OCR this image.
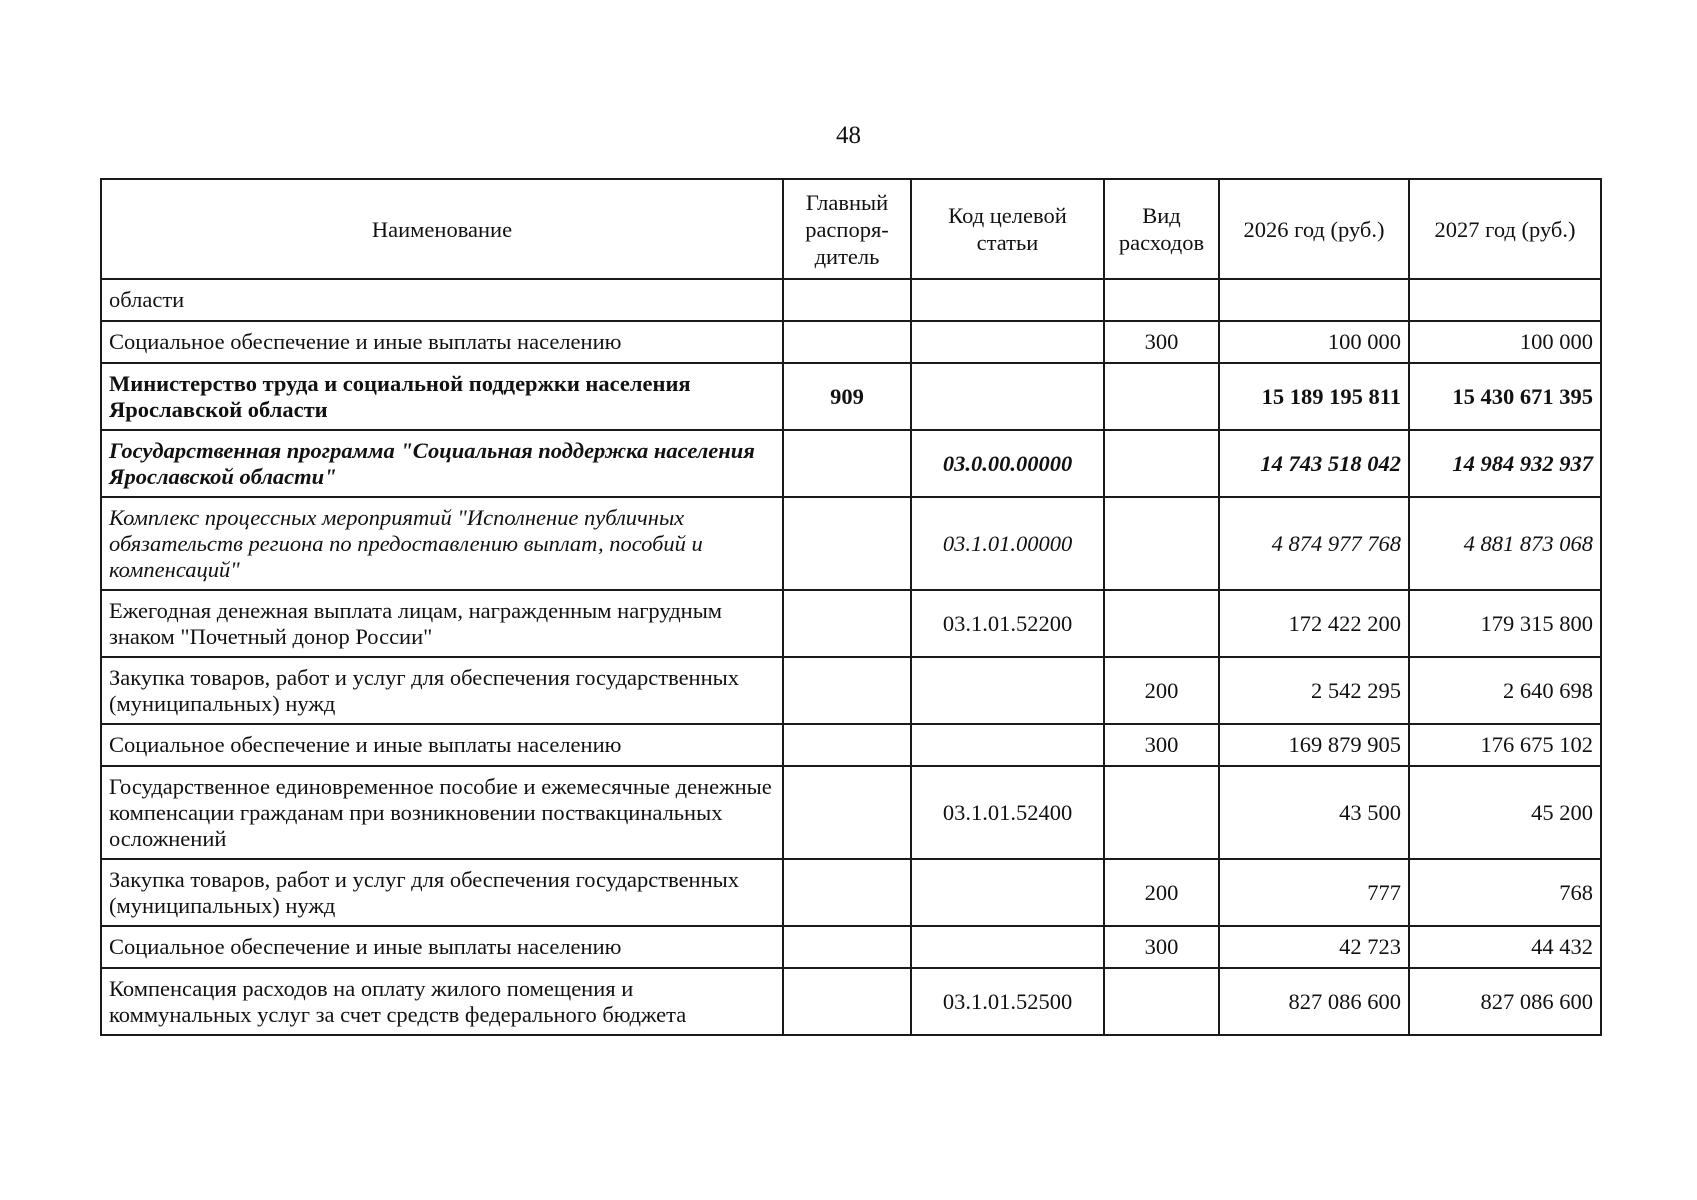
48
Наименование	Главный распоря- дитель	Код целевой статьи	Вид расходов	2026 год (руб.)	2027 год (руб.)
области					
Социальное обеспечение и иные выплаты населению			300	100 000	100 000
Министерство труда и социальной поддержки населения Ярославской области	909			15 189 195 811	15 430 671 395
Государственная программа "Социальная поддержка населения Ярославской области"		03.0.00.00000		14 743 518 042	14 984 932 937
Комплекс процессных мероприятий "Исполнение публичных обязательств региона по предоставлению выплат, пособий и компенсаций"		03.1.01.00000		4 874 977 768	4 881 873 068
Ежегодная денежная выплата лицам, награжденным нагрудным знаком "Почетный донор России"		03.1.01.52200		172 422 200	179 315 800
Закупка товаров, работ и услуг для обеспечения государственных (муниципальных) нужд			200	2 542 295	2 640 698
Социальное обеспечение и иные выплаты населению			300	169 879 905	176 675 102
Государственное единовременное пособие и ежемесячные денежные компенсации гражданам при возникновении поствакцинальных осложнений		03.1.01.52400		43 500	45 200
Закупка товаров, работ и услуг для обеспечения государственных (муниципальных) нужд			200	777	768
Социальное обеспечение и иные выплаты населению			300	42 723	44 432
Компенсация расходов на оплату жилого помещения и коммунальных услуг за счет средств федерального бюджета		03.1.01.52500		827 086 600	827 086 600
